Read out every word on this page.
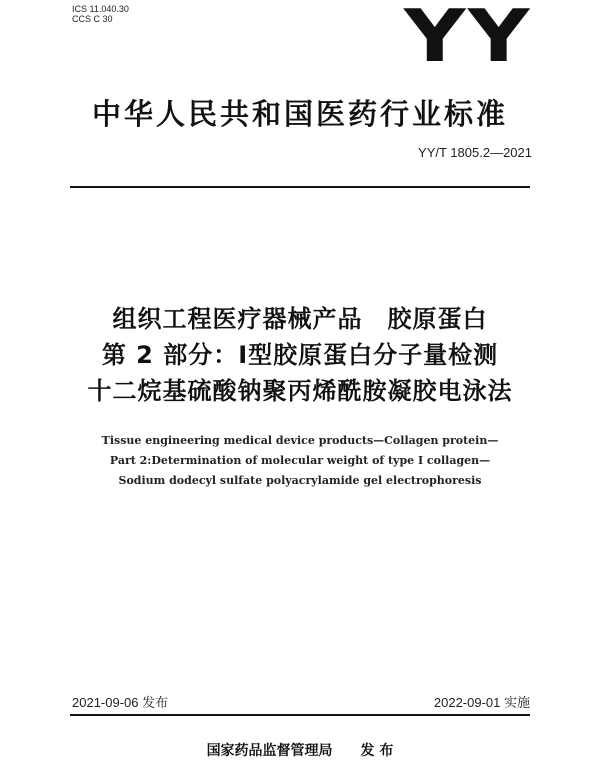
ICS 11.040.30
CCS C 30	YY
中华人民共和国医药行业标准
YY/T 1805.2—2021
组织工程医疗器械产品　胶原蛋白
第 2 部分：Ⅰ型胶原蛋白分子量检测
十二烷基硫酸钠聚丙烯酰胺凝胶电泳法
Tissue engineering medical device products—Collagen protein—
Part 2:Determination of molecular weight of type Ⅰ collagen—
Sodium dodecyl sulfate polyacrylamide gel electrophoresis
2021-09-06 发布	2022-09-01 实施
国家药品监督管理局　　发 布
